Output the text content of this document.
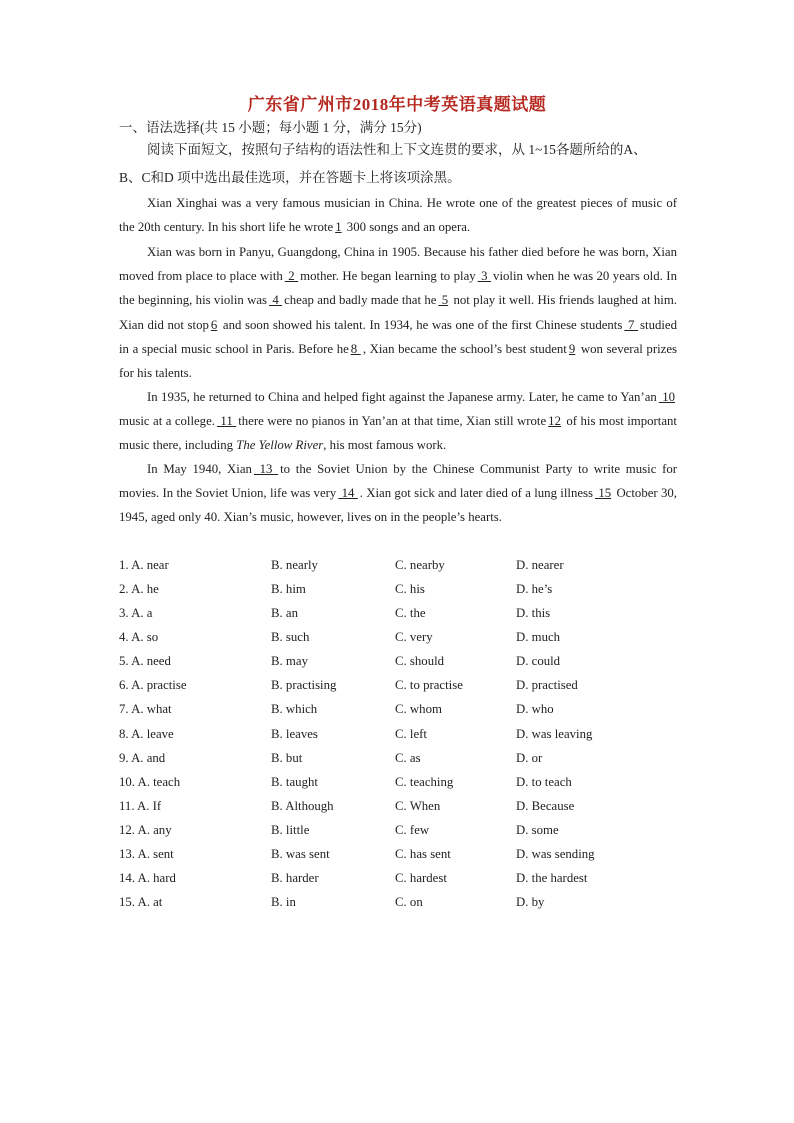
广东省广州市2018年中考英语真题试题
一、语法选择(共 15 小题；每小题 1 分，满分 15分)
阅读下面短文，按照句子结构的语法性和上下文连贯的要求，从 1~15各题所给的A、
B、C和D 项中选出最佳选项，并在答题卡上将该项涂黑。
Xian Xinghai was a very famous musician in China. He wrote one of the greatest pieces of music of the 20th century. In his short life he wrote 1 300 songs and an opera.
Xian was born in Panyu, Guangdong, China in 1905. Because his father died before he was born, Xian moved from place to place with 2 mother. He began learning to play 3 violin when he was 20 years old. In the beginning, his violin was 4 cheap and badly made that he 5 not play it well. His friends laughed at him. Xian did not stop 6 and soon showed his talent. In 1934, he was one of the first Chinese students 7 studied in a special music school in Paris. Before he 8 , Xian became the school’s best student 9 won several prizes for his talents.
In 1935, he returned to China and helped fight against the Japanese army. Later, he came to Yan’an 10 music at a college. 11 there were no pianos in Yan’an at that time, Xian still wrote 12 of his most important music there, including The Yellow River, his most famous work.
In May 1940, Xian 13 to the Soviet Union by the Chinese Communist Party to write music for movies. In the Soviet Union, life was very 14 . Xian got sick and later died of a lung illness 15 October 30, 1945, aged only 40. Xian’s music, however, lives on in the people’s hearts.
1. A. near	B. nearly	C. nearby	D. nearer
2. A. he	B. him	C. his	D. he’s
3. A. a	B. an	C. the	D. this
4. A. so	B. such	C. very	D. much
5. A. need	B. may	C. should	D. could
6. A. practise	B. practising	C. to practise	D. practised
7. A. what	B. which	C. whom	D. who
8. A. leave	B. leaves	C. left	D. was leaving
9. A. and	B. but	C. as	D. or
10. A. teach	B. taught	C. teaching	D. to teach
11. A. If	B. Although	C. When	D. Because
12. A. any	B. little	C. few	D. some
13. A. sent	B. was sent	C. has sent	D. was sending
14. A. hard	B. harder	C. hardest	D. the hardest
15. A. at	B. in	C. on	D. by
